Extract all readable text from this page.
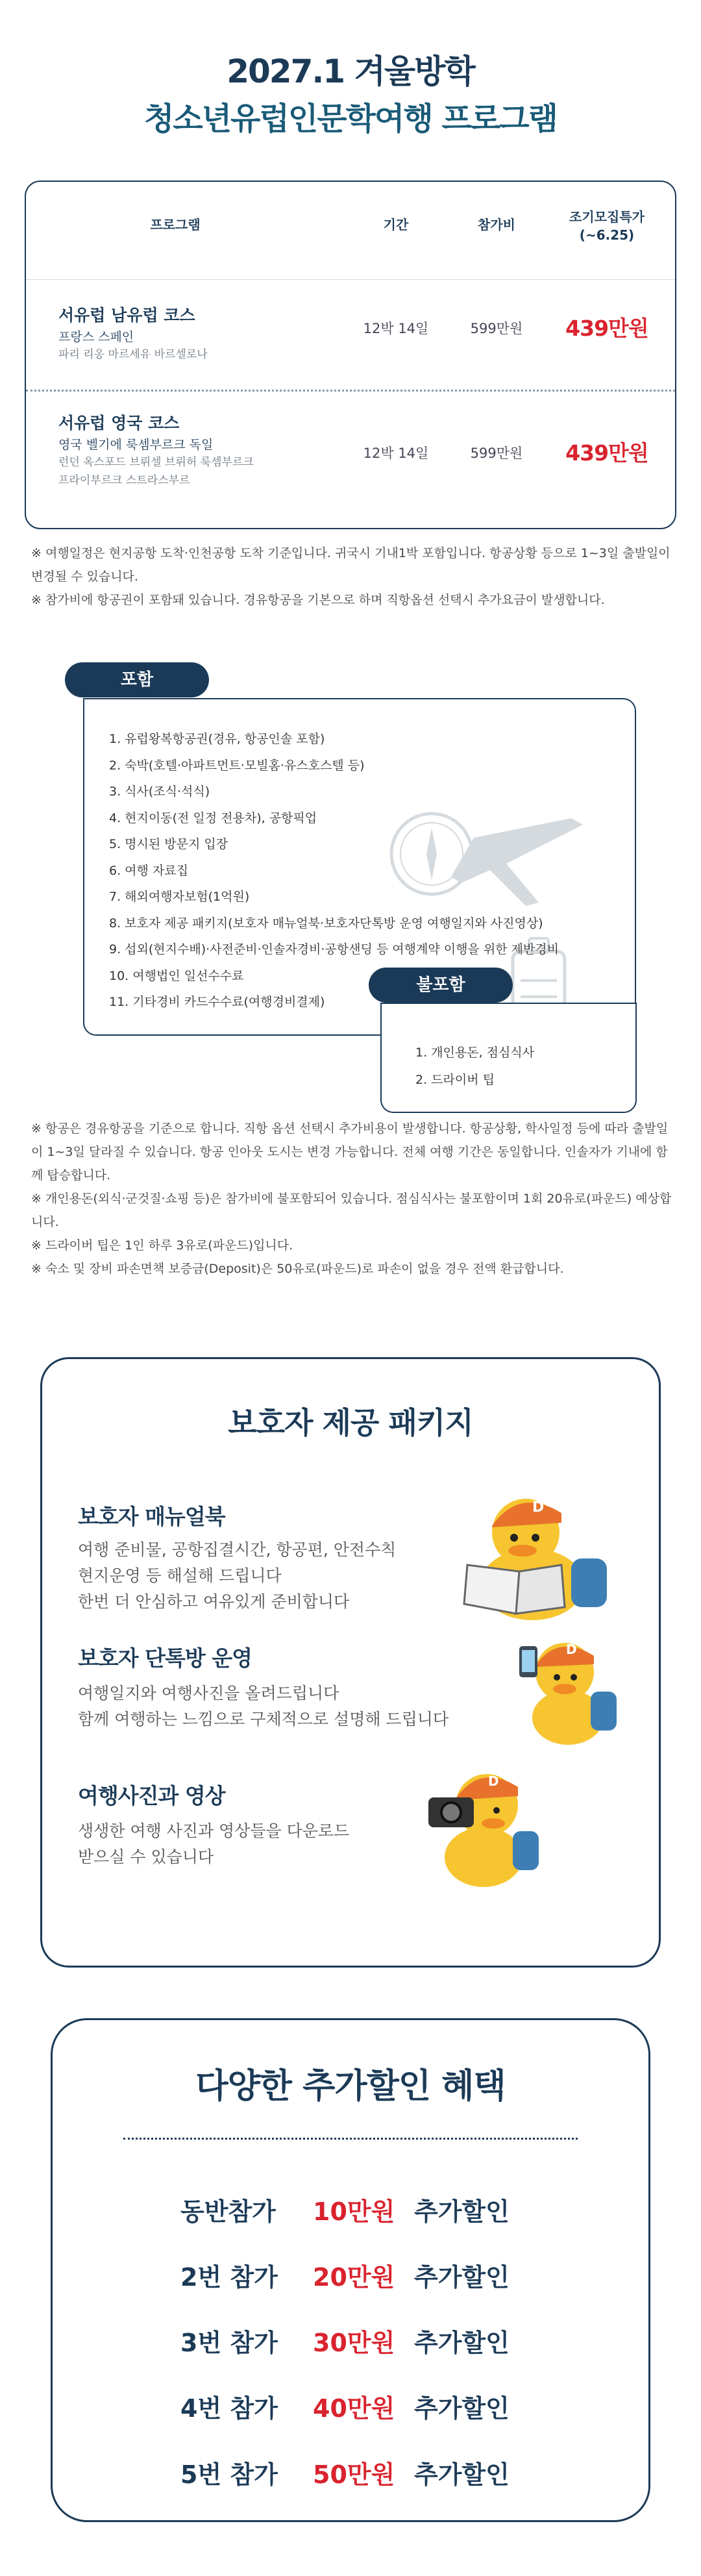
2027.1 겨울방학
청소년유럽인문학여행 프로그램
프로그램	기간	참가비	조기모집특가
(~6.25)
서유럽 남유럽 코스
프랑스 스페인
파리 리옹 마르세유 바르셀로나
12박 14일	599만원	439만원
서유럽 영국 코스
영국 벨기에 룩셈부르크 독일
런던 옥스포드 브뤼셀 브뤼허 룩셈부르크
프라이부르크 스트라스부르
12박 14일	599만원	439만원

※ 여행일정은 현지공항 도착·인천공항 도착 기준입니다. 귀국시 기내1박 포함입니다. 항공상황 등으로 1~3일 출발일이 변경될 수 있습니다.

※ 참가비에 항공권이 포함돼 있습니다. 경유항공을 기본으로 하며 직항옵션 선택시 추가요금이 발생합니다.

포함
1. 유럽왕복항공권(경유, 항공인솔 포함)
2. 숙박(호텔·아파트먼트·모빌홈·유스호스텔 등)
3. 식사(조식·석식)
4. 현지이동(전 일정 전용차), 공항픽업
5. 명시된 방문지 입장
6. 여행 자료집
7. 해외여행자보험(1억원)
8. 보호자 제공 패키지(보호자 매뉴얼북·보호자단톡방 운영 여행일지와 사진영상)
9. 섭외(현지수배)·사전준비·인솔자경비·공항샌딩 등 여행계약 이행을 위한 제반경비
10. 여행법인 일선수수료
11. 기타경비 카드수수료(여행경비결제)
불포함
1. 개인용돈, 점심식사
2. 드라이버 팁

※ 항공은 경유항공을 기준으로 합니다. 직항 옵션 선택시 추가비용이 발생합니다. 항공상황, 학사일정 등에 따라 출발일이 1~3일 달라질 수 있습니다. 항공 인아웃 도시는 변경 가능합니다. 전체 여행 기간은 동일합니다. 인솔자가 기내에 함께 탑승합니다.

※ 개인용돈(외식·군것질·쇼핑 등)은 참가비에 불포함되어 있습니다. 점심식사는 불포함이며 1회 20유로(파운드) 예상합니다.

※ 드라이버 팁은 1인 하루 3유로(파운드)입니다.

※ 숙소 및 장비 파손면책 보증금(Deposit)은 50유로(파운드)로 파손이 없을 경우 전액 환급합니다.

보호자 제공 패키지
보호자 매뉴얼북
여행 준비물, 공항집결시간, 항공편, 안전수칙
현지운영 등 해설해 드립니다
한번 더 안심하고 여유있게 준비합니다
D
보호자 단톡방 운영
여행일지와 여행사진을 올려드립니다
함께 여행하는 느낌으로 구체적으로 설명해 드립니다
D
여행사진과 영상
생생한 여행 사진과 영상들을 다운로드
받으실 수 있습니다
D
다양한 추가할인 혜택
동반참가 10만원 추가할인
2번 참가 20만원 추가할인
3번 참가 30만원 추가할인
4번 참가 40만원 추가할인
5번 참가 50만원 추가할인
